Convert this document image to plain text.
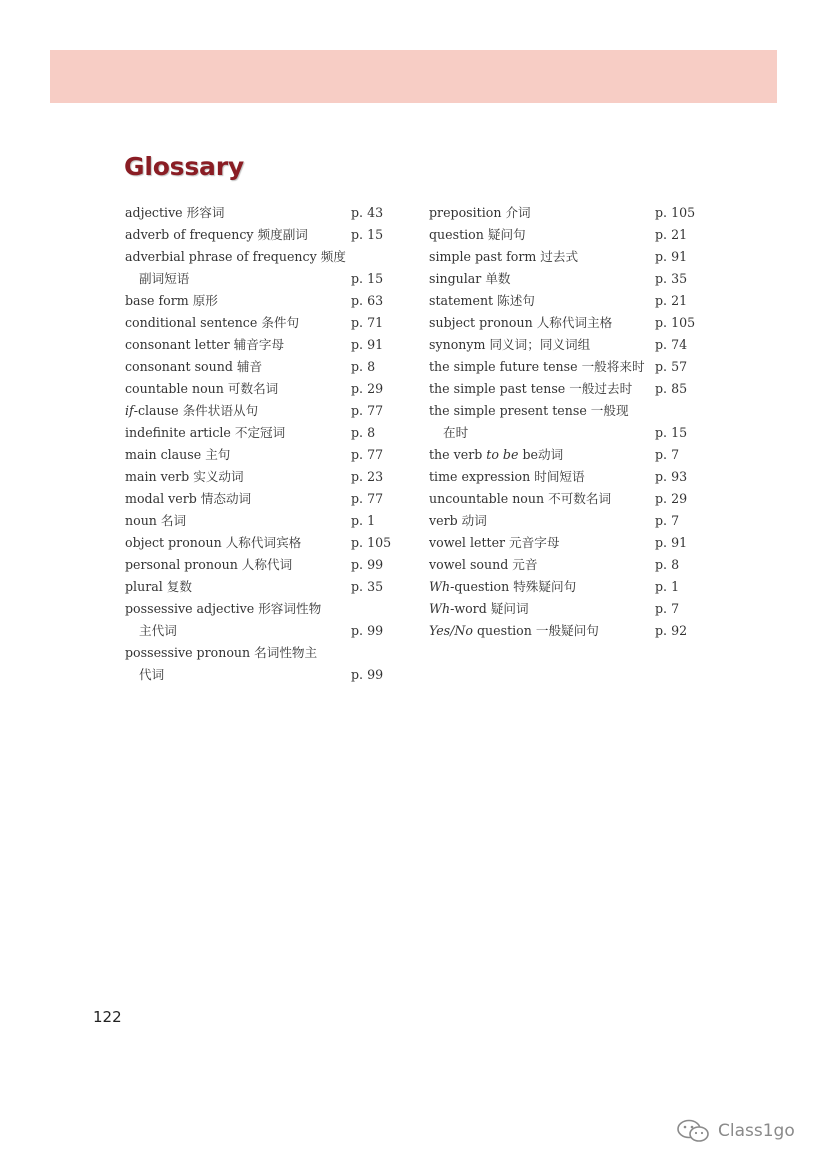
Glossary
adjective 形容词	p. 43
adverb of frequency 频度副词	p. 15
adverbial phrase of frequency 频度
副词短语	p. 15
base form 原形	p. 63
conditional sentence 条件句	p. 71
consonant letter 辅音字母	p. 91
consonant sound 辅音	p. 8
countable noun 可数名词	p. 29
if-clause 条件状语从句	p. 77
indefinite article 不定冠词	p. 8
main clause 主句	p. 77
main verb 实义动词	p. 23
modal verb 情态动词	p. 77
noun 名词	p. 1
object pronoun 人称代词宾格	p. 105
personal pronoun 人称代词	p. 99
plural 复数	p. 35
possessive adjective 形容词性物
主代词	p. 99
possessive pronoun 名词性物主
代词	p. 99
preposition 介词	p. 105
question 疑问句	p. 21
simple past form 过去式	p. 91
singular 单数	p. 35
statement 陈述句	p. 21
subject pronoun 人称代词主格	p. 105
synonym 同义词；同义词组	p. 74
the simple future tense 一般将来时 p. 57
the simple past tense 一般过去时	p. 85
the simple present tense 一般现
在时	p. 15
the verb to be be动词	p. 7
time expression 时间短语	p. 93
uncountable noun 不可数名词	p. 29
verb 动词	p. 7
vowel letter 元音字母	p. 91
vowel sound 元音	p. 8
Wh-question 特殊疑问句	p. 1
Wh-word 疑问词	p. 7
Yes/No question 一般疑问句	p. 92
122
Class1go
